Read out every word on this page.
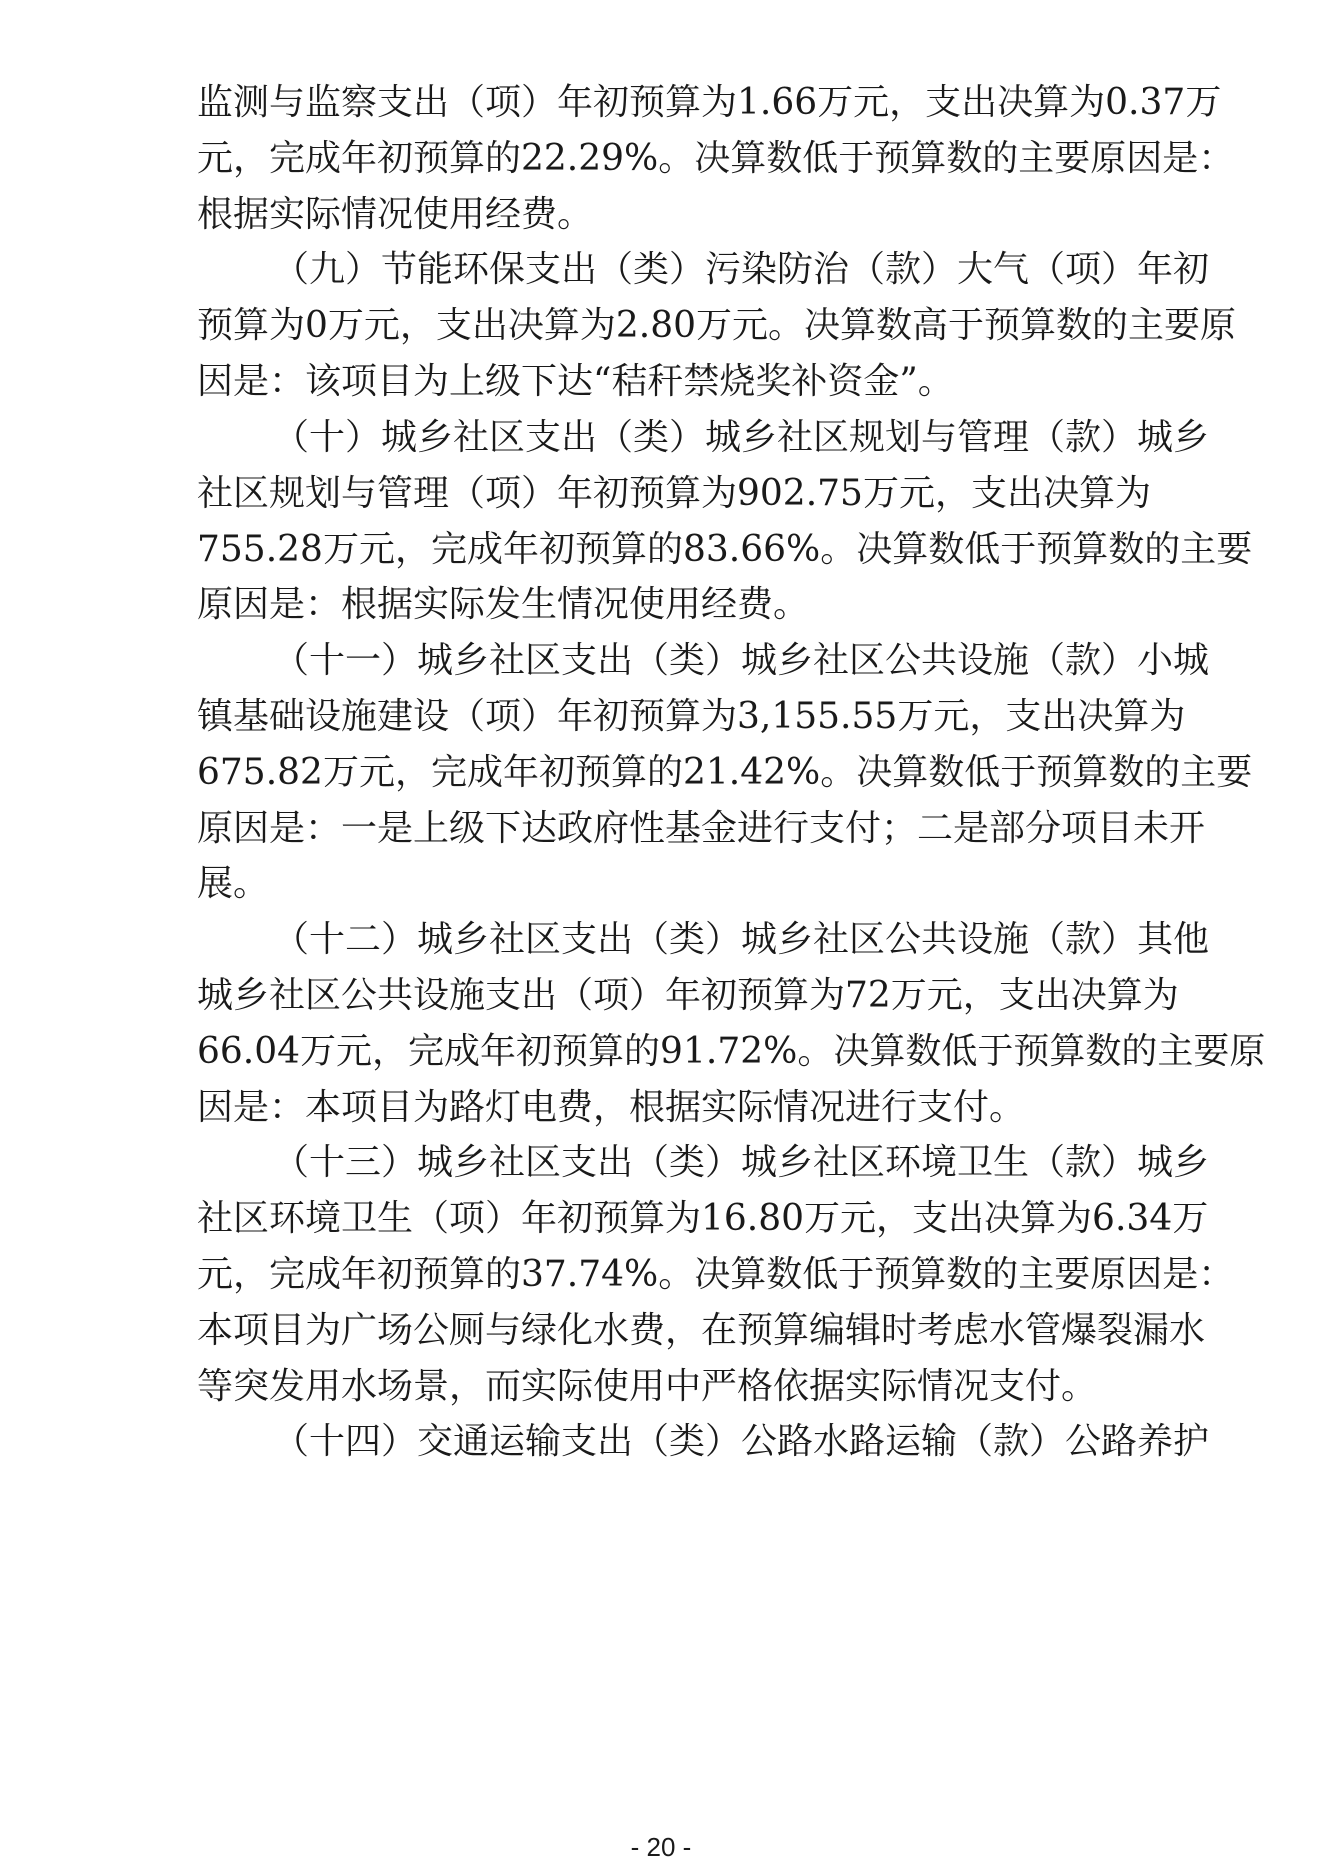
监测与监察支出（项）年初预算为1.66万元，支出决算为0.37万
元，完成年初预算的22.29%。决算数低于预算数的主要原因是：
根据实际情况使用经费。
（九）节能环保支出（类）污染防治（款）大气（项）年初
预算为0万元，支出决算为2.80万元。决算数高于预算数的主要原
因是：该项目为上级下达“秸秆禁烧奖补资金”。
（十）城乡社区支出（类）城乡社区规划与管理（款）城乡
社区规划与管理（项）年初预算为902.75万元，支出决算为
755.28万元，完成年初预算的83.66%。决算数低于预算数的主要
原因是：根据实际发生情况使用经费。
（十一）城乡社区支出（类）城乡社区公共设施（款）小城
镇基础设施建设（项）年初预算为3,155.55万元，支出决算为
675.82万元，完成年初预算的21.42%。决算数低于预算数的主要
原因是：一是上级下达政府性基金进行支付；二是部分项目未开
展。
（十二）城乡社区支出（类）城乡社区公共设施（款）其他
城乡社区公共设施支出（项）年初预算为72万元，支出决算为
66.04万元，完成年初预算的91.72%。决算数低于预算数的主要原
因是：本项目为路灯电费，根据实际情况进行支付。
（十三）城乡社区支出（类）城乡社区环境卫生（款）城乡
社区环境卫生（项）年初预算为16.80万元，支出决算为6.34万
元，完成年初预算的37.74%。决算数低于预算数的主要原因是：
本项目为广场公厕与绿化水费，在预算编辑时考虑水管爆裂漏水
等突发用水场景，而实际使用中严格依据实际情况支付。
（十四）交通运输支出（类）公路水路运输（款）公路养护
- 20 -
